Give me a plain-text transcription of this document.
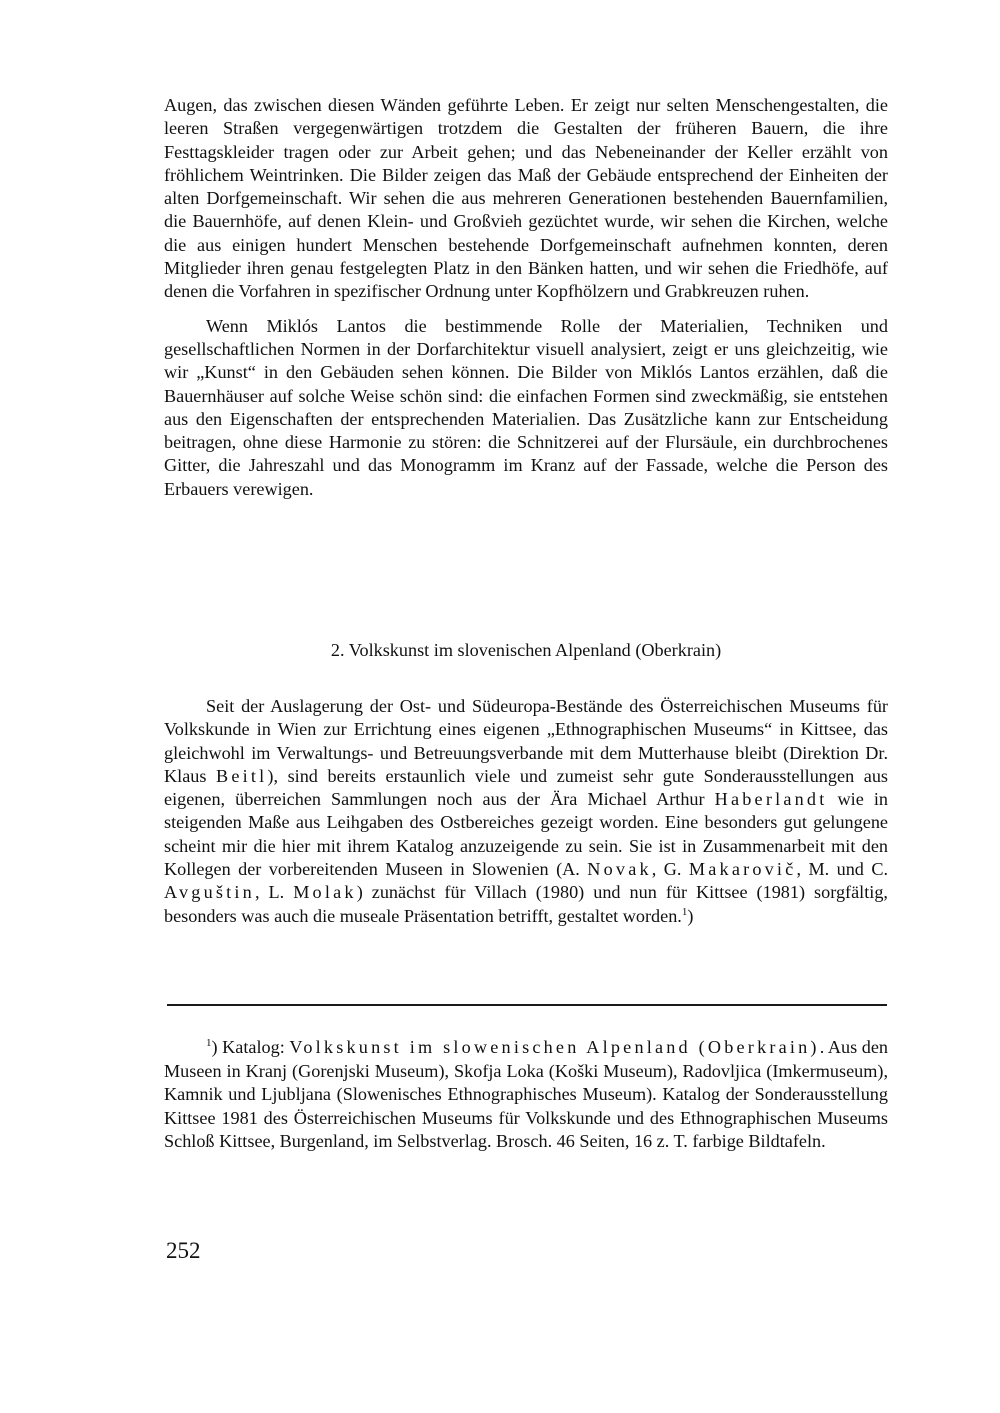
Augen, das zwischen diesen Wänden geführte Leben. Er zeigt nur selten Menschengestalten, die leeren Straßen vergegenwärtigen trotzdem die Gestalten der früheren Bauern, die ihre Festtagskleider tragen oder zur Arbeit gehen; und das Nebeneinander der Keller erzählt von fröhlichem Weintrinken. Die Bilder zeigen das Maß der Gebäude entsprechend der Einheiten der alten Dorfgemeinschaft. Wir sehen die aus mehreren Generationen bestehenden Bauernfamilien, die Bauernhöfe, auf denen Klein- und Großvieh gezüchtet wurde, wir sehen die Kirchen, welche die aus einigen hundert Menschen bestehende Dorfgemeinschaft aufnehmen konnten, deren Mitglieder ihren genau festgelegten Platz in den Bänken hatten, und wir sehen die Friedhöfe, auf denen die Vorfahren in spezifischer Ordnung unter Kopfhölzern und Grabkreuzen ruhen.

Wenn Miklós Lantos die bestimmende Rolle der Materialien, Techniken und gesellschaftlichen Normen in der Dorfarchitektur visuell analysiert, zeigt er uns gleichzeitig, wie wir „Kunst“ in den Gebäuden sehen können. Die Bilder von Miklós Lantos erzählen, daß die Bauernhäuser auf solche Weise schön sind: die einfachen Formen sind zweckmäßig, sie entstehen aus den Eigenschaften der entsprechenden Materialien. Das Zusätzliche kann zur Entscheidung beitragen, ohne diese Harmonie zu stören: die Schnitzerei auf der Flursäule, ein durchbrochenes Gitter, die Jahreszahl und das Monogramm im Kranz auf der Fassade, welche die Person des Erbauers verewigen.

2. Volkskunst im slovenischen Alpenland (Oberkrain)

Seit der Auslagerung der Ost- und Südeuropa-Bestände des Österreichischen Museums für Volkskunde in Wien zur Errichtung eines eigenen „Ethnographischen Museums“ in Kittsee, das gleichwohl im Verwaltungs- und Betreuungsverbande mit dem Mutterhause bleibt (Direktion Dr. Klaus Beitl), sind bereits erstaunlich viele und zumeist sehr gute Sonderausstellungen aus eigenen, überreichen Sammlungen noch aus der Ära Michael Arthur Haberlandt wie in steigenden Maße aus Leihgaben des Ostbereiches gezeigt worden. Eine besonders gut gelungene scheint mir die hier mit ihrem Katalog anzuzeigende zu sein. Sie ist in Zusammenarbeit mit den Kollegen der vorbereitenden Museen in Slowenien (A. Novak, G. Makarovič, M. und C. Avguštin, L. Molak) zunächst für Villach (1980) und nun für Kittsee (1981) sorgfältig, besonders was auch die museale Präsentation betrifft, gestaltet worden.$^1$)

$^1$) Katalog: Volkskunst im slowenischen Alpenland (Oberkrain). Aus den Museen in Kranj (Gorenjski Museum), Skofja Loka (Koški Museum), Radovljica (Imkermuseum), Kamnik und Ljubljana (Slowenisches Ethnographisches Museum). Katalog der Sonderausstellung Kittsee 1981 des Österreichischen Museums für Volkskunde und des Ethnographischen Museums Schloß Kittsee, Burgenland, im Selbstverlag. Brosch. 46 Seiten, 16 z. T. farbige Bildtafeln.

252
